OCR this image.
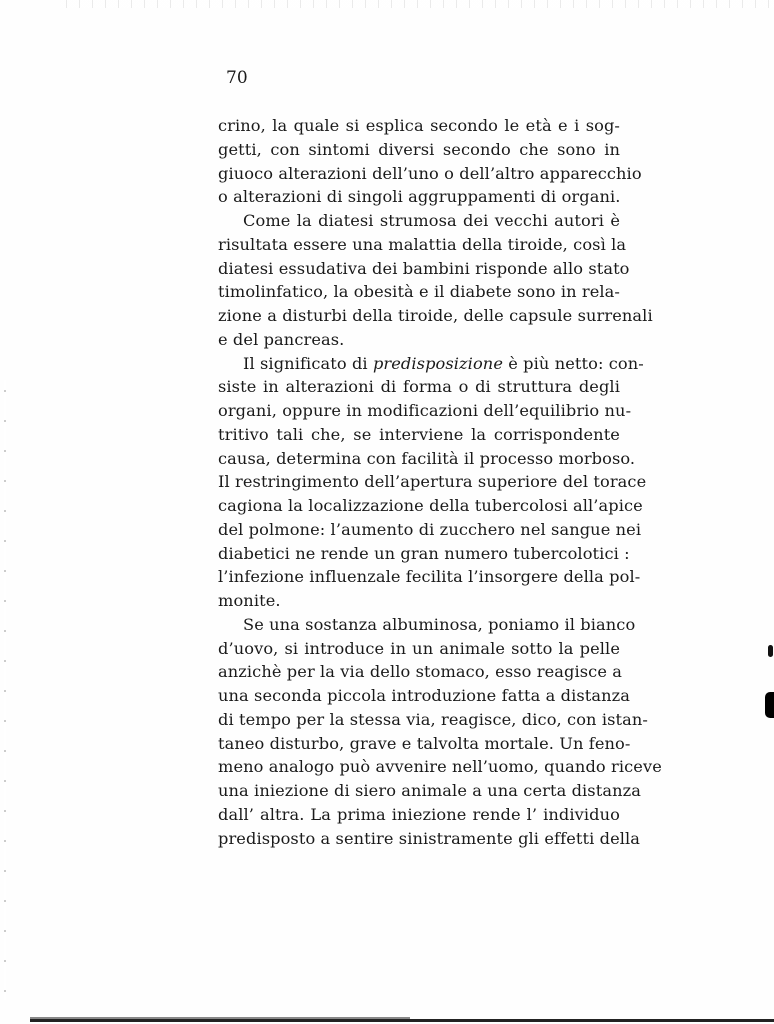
70
crino, la quale si esplica secondo le età e i sog-
getti, con sintomi diversi secondo che sono in
giuoco alterazioni dell’uno o dell’altro apparecchio
o alterazioni di singoli aggruppamenti di organi.
Come la diatesi strumosa dei vecchi autori è
risultata essere una malattia della tiroide, così la
diatesi essudativa dei bambini risponde allo stato
timolinfatico, la obesità e il diabete sono in rela-
zione a disturbi della tiroide, delle capsule surrenali
e del pancreas.
Il significato di predisposizione è più netto: con-
siste in alterazioni di forma o di struttura degli
organi, oppure in modificazioni dell’equilibrio nu-
tritivo tali che, se interviene la corrispondente
causa, determina con facilità il processo morboso.
Il restringimento dell’apertura superiore del torace
cagiona la localizzazione della tubercolosi all’apice
del polmone: l’aumento di zucchero nel sangue nei
diabetici ne rende un gran numero tubercolotici :
l’infezione influenzale fecilita l’insorgere della pol-
monite.
Se una sostanza albuminosa, poniamo il bianco
d’uovo, si introduce in un animale sotto la pelle
anzichè per la via dello stomaco, esso reagisce a
una seconda piccola introduzione fatta a distanza
di tempo per la stessa via, reagisce, dico, con istan-
taneo disturbo, grave e talvolta mortale. Un feno-
meno analogo può avvenire nell’uomo, quando riceve
una iniezione di siero animale a una certa distanza
dall’ altra. La prima iniezione rende l’ individuo
predisposto a sentire sinistramente gli effetti della
